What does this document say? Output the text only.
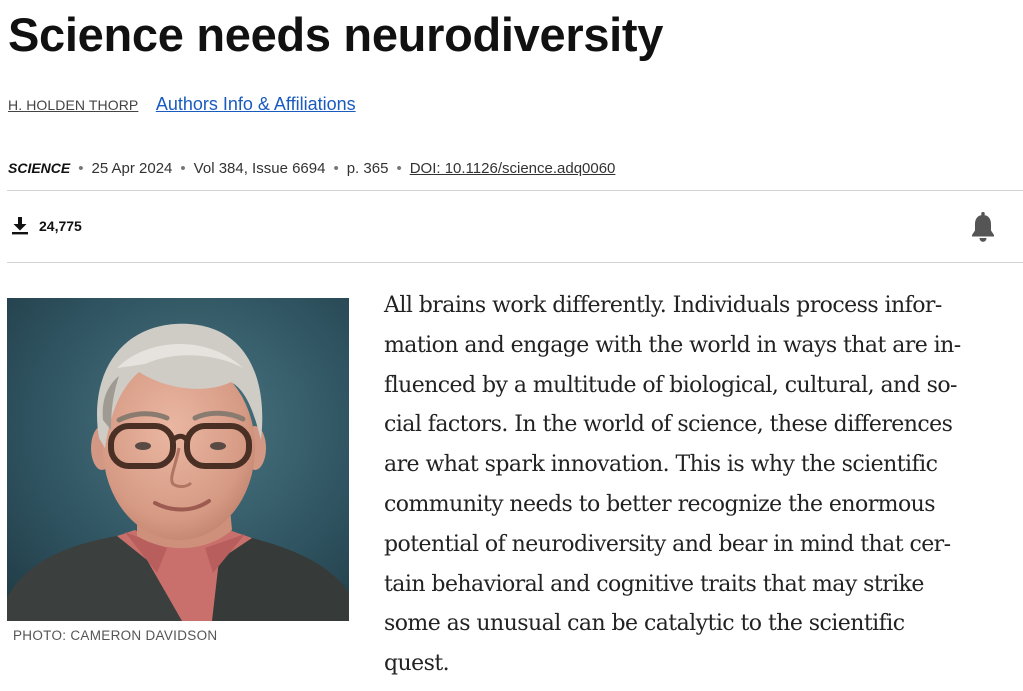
Science needs neurodiversity
H. HOLDEN THORP Authors Info & Affiliations
SCIENCE • 25 Apr 2024 • Vol 384, Issue 6694 • p. 365 • DOI: 10.1126/science.adq0060
24,775
PHOTO: CAMERON DAVIDSON
All brains work differently. Individuals process infor-
mation and engage with the world in ways that are in-
fluenced by a multitude of biological, cultural, and so-
cial factors. In the world of science, these differences
are what spark innovation. This is why the scientific
community needs to better recognize the enormous
potential of neurodiversity and bear in mind that cer-
tain behavioral and cognitive traits that may strike
some as unusual can be catalytic to the scientific
quest.
